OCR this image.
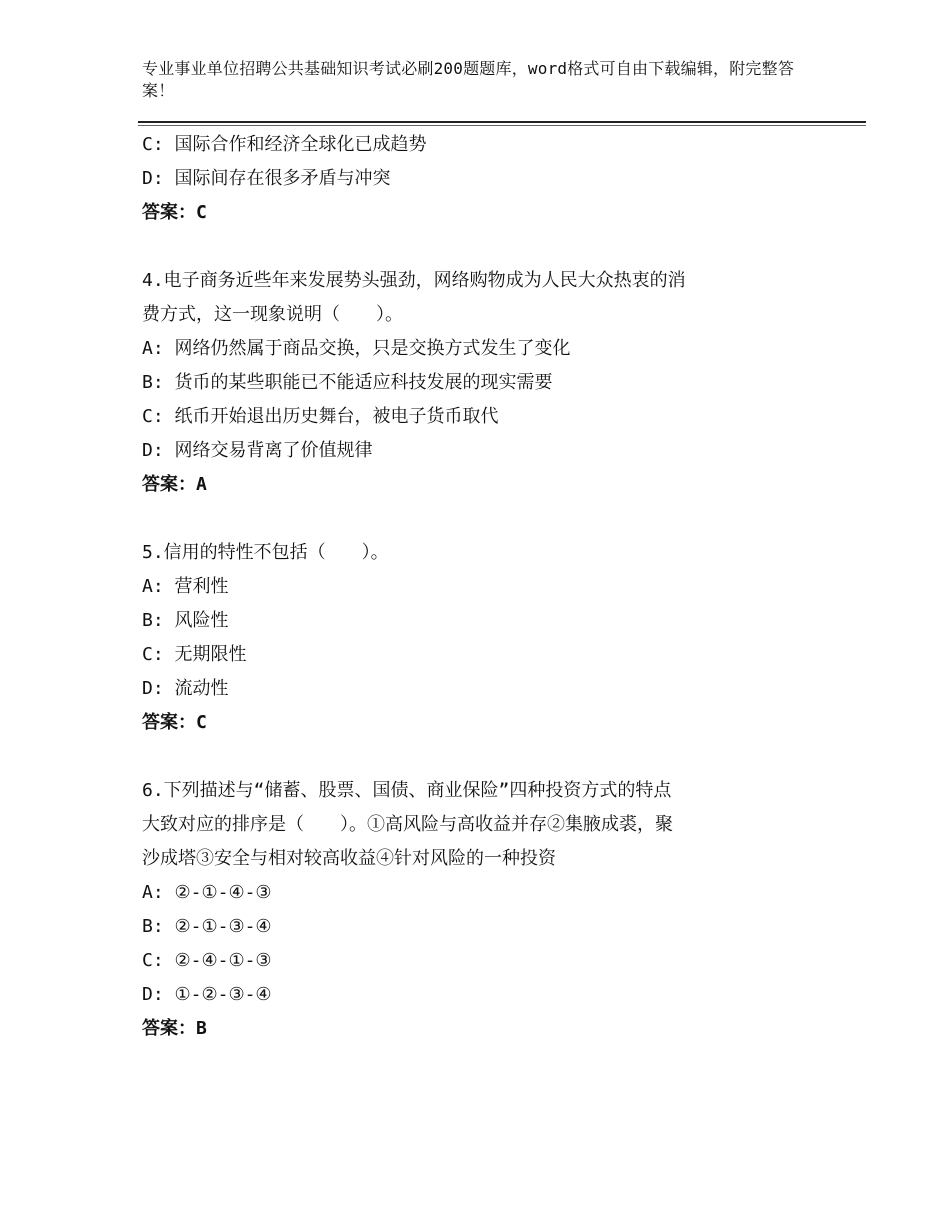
专业事业单位招聘公共基础知识考试必刷200题题库，word格式可自由下载编辑，附完整答案！

C: 国际合作和经济全球化已成趋势

D: 国际间存在很多矛盾与冲突

答案：C

4.电子商务近些年来发展势头强劲，网络购物成为人民大众热衷的消

费方式，这一现象说明（　　）。

A: 网络仍然属于商品交换，只是交换方式发生了变化

B: 货币的某些职能已不能适应科技发展的现实需要

C: 纸币开始退出历史舞台，被电子货币取代

D: 网络交易背离了价值规律

答案：A

5.信用的特性不包括（　　）。

A: 营利性

B: 风险性

C: 无期限性

D: 流动性

答案：C

6.下列描述与“储蓄、股票、国债、商业保险”四种投资方式的特点

大致对应的排序是（　　）。①高风险与高收益并存②集腋成裘，聚

沙成塔③安全与相对较高收益④针对风险的一种投资

A: ②-①-④-③

B: ②-①-③-④

C: ②-④-①-③

D: ①-②-③-④

答案：B
